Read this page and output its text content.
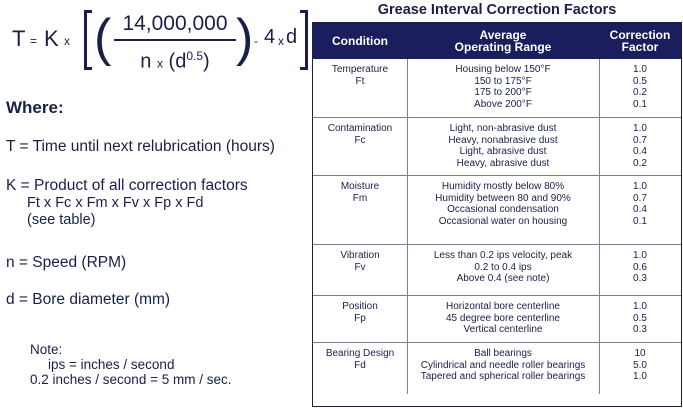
T = K x ( 14,000,000
n x $(d^{0.5})$ ) - 4 x d
Where:
T = Time until next relubrication (hours)
K = Product of all correction factors
Ft x Fc x Fm x Fv x Fp x Fd
(see table)
n = Speed (RPM)
d = Bore diameter (mm)
Note:
ips = inches / second
0.2 inches / second = 5 mm / sec.
Grease Interval Correction Factors
Condition	Average
Operating Range
Correction
Factor
Temperature
Ft
Housing below 150°F
150 to 175°F
175 to 200°F
Above 200°F
1.0
0.5
0.2
0.1
Contamination
Fc
Light, non-abrasive dust
Heavy, nonabrasive dust
Light, abrasive dust
Heavy, abrasive dust
1.0
0.7
0.4
0.2
Moisture
Fm
Humidity mostly below 80%
Humidity between 80 and 90%
Occasional condensation
Occasional water on housing
1.0
0.7
0.4
0.1
Vibration
Fv
Less than 0.2 ips velocity, peak
0.2 to 0.4 ips
Above 0.4 (see note)
1.0
0.6
0.3
Position
Fp
Horizontal bore centerline
45 degree bore centerline
Vertical centerline
1.0
0.5
0.3
Bearing Design
Fd
Ball bearings
Cylindrical and needle roller bearings
Tapered and spherical roller bearings
10
5.0
1.0
